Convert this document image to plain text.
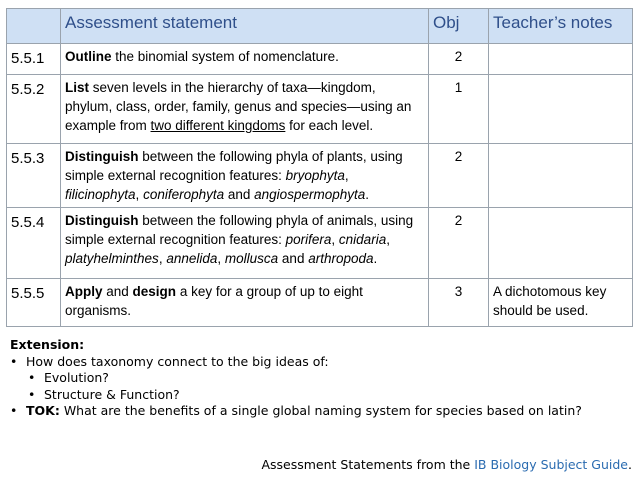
	Assessment statement	Obj	Teacher’s notes
5.5.1	Outline the binomial system of nomenclature.	2	
5.5.2	List seven levels in the hierarchy of taxa—kingdom, phylum, class, order, family, genus and species—using an example from two different kingdoms for each level.	1	
5.5.3	Distinguish between the following phyla of plants, using simple external recognition features: bryophyta, filicinophyta, coniferophyta and angiospermophyta.	2	
5.5.4	Distinguish between the following phyla of animals, using simple external recognition features: porifera, cnidaria, platyhelminthes, annelida, mollusca and arthropoda.	2	
5.5.5	Apply and design a key for a group of up to eight organisms.	3	A dichotomous key should be used.
Extension:
• How does taxonomy connect to the big ideas of:
• Evolution?
• Structure & Function?
• TOK: What are the benefits of a single global naming system for species based on latin?
Assessment Statements from the IB Biology Subject Guide.
